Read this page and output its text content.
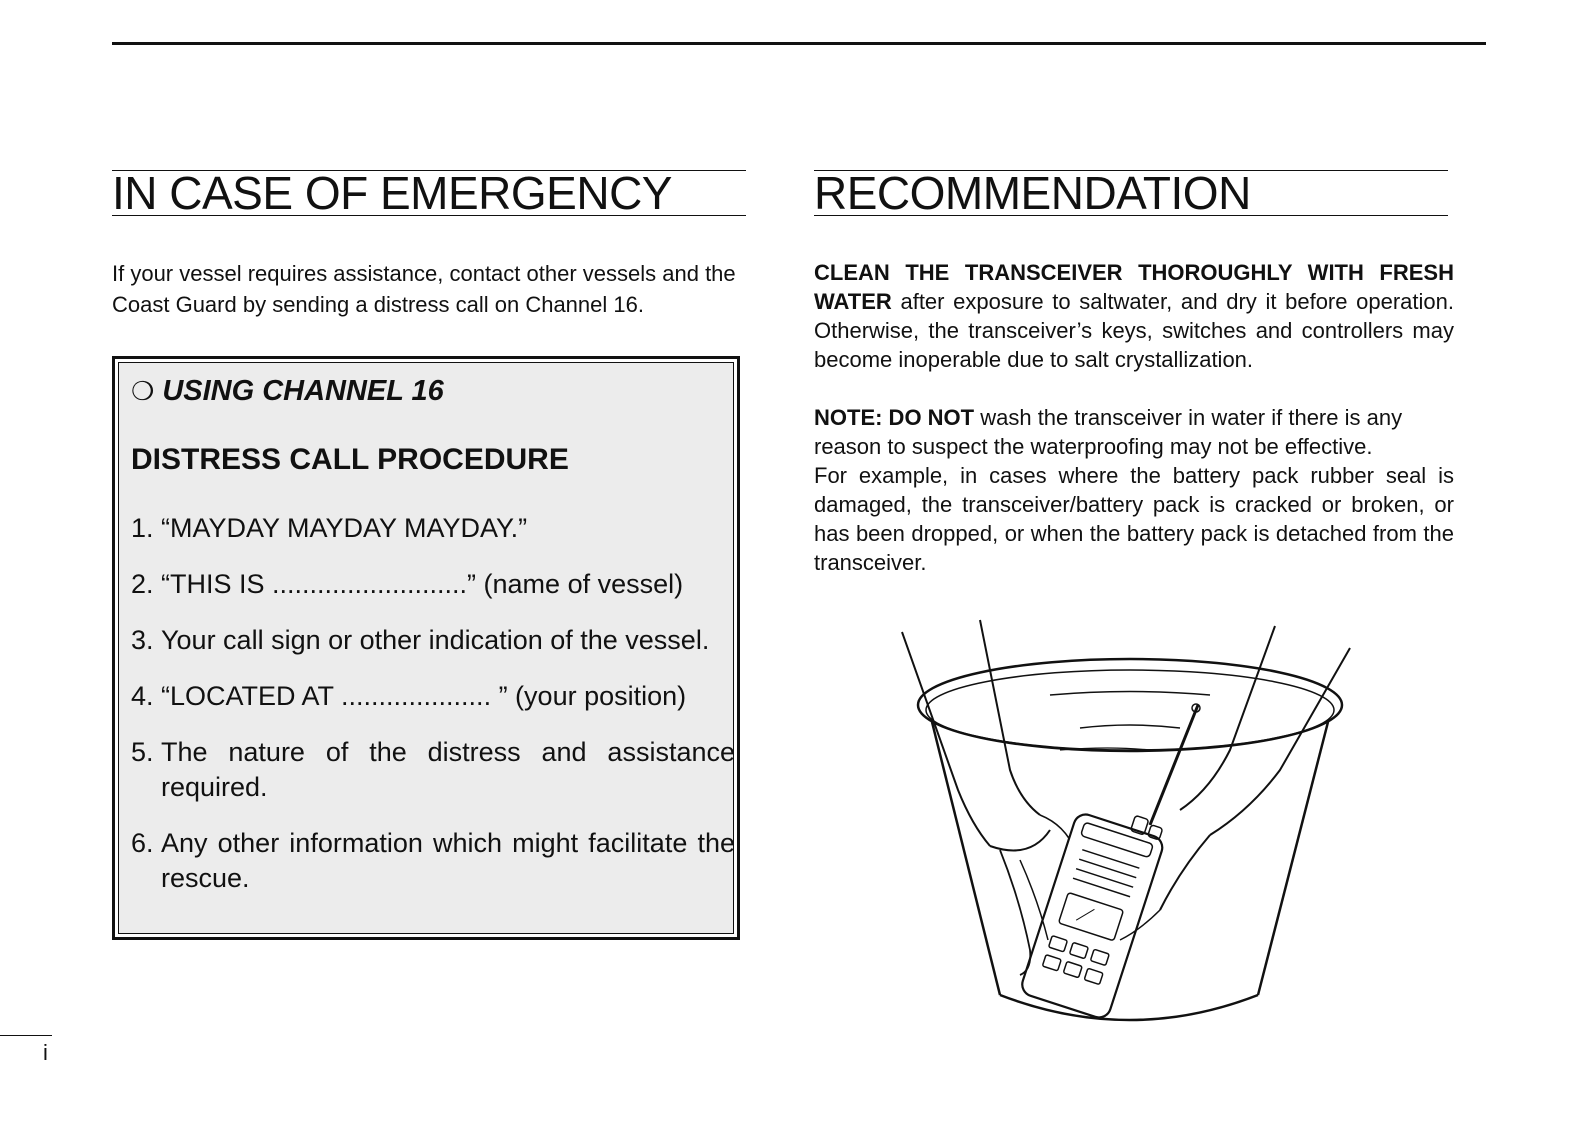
IN CASE OF EMERGENCY

If your vessel requires assistance, contact other vessels and the Coast Guard by sending a distress call on Channel 16.

❍ USING CHANNEL 16
DISTRESS CALL PROCEDURE
1. “MAYDAY MAYDAY MAYDAY.”
2. “THIS IS ..........................” (name of vessel)
3. Your call sign or other indication of the vessel.
4. “LOCATED AT .................... ” (your position)
5. The nature of the distress and assistance required.
6. Any other information which might facilitate the rescue.
RECOMMENDATION

CLEAN THE TRANSCEIVER THOROUGHLY WITH FRESH WATER after exposure to saltwater, and dry it before operation. Otherwise, the transceiver’s keys, switches and controllers may become inoperable due to salt crystallization.

NOTE: DO NOT wash the transceiver in water if there is any reason to suspect the waterproofing may not be effective.

For example, in cases where the battery pack rubber seal is damaged, the transceiver/battery pack is cracked or broken, or has been dropped, or when the battery pack is detached from the transceiver.

i
